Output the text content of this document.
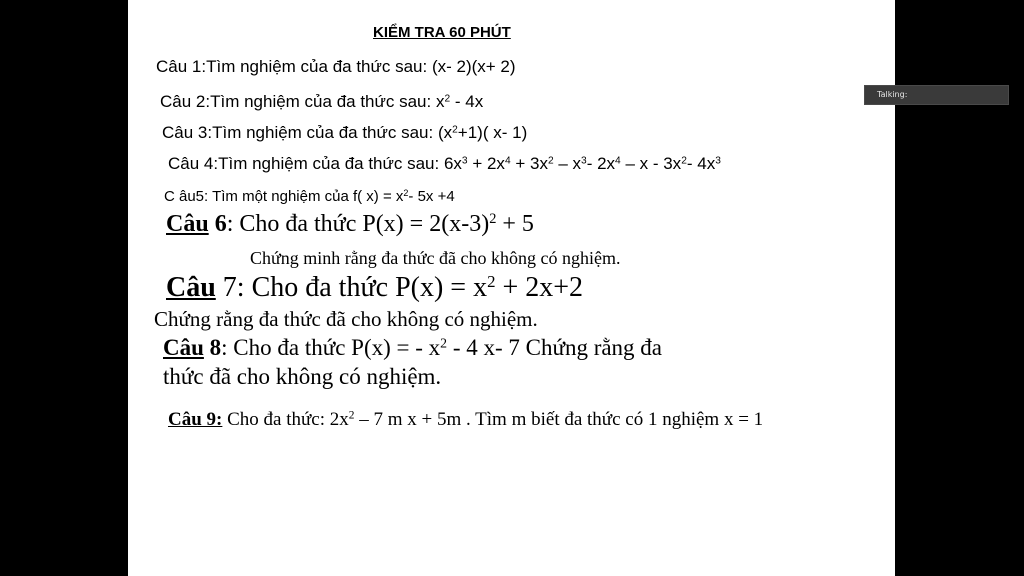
KIỂM TRA 60 PHÚT
Câu 1:Tìm nghiệm của đa thức sau: (x- 2)(x+ 2)
Câu 2:Tìm nghiệm của đa thức sau: $x^2 - 4x$
Câu 3:Tìm nghiệm của đa thức sau: $(x^2+1)$( x- 1)
Câu 4:Tìm nghiệm của đa thức sau: $6x^3 + 2x^4 + 3x^2 - x^3-$ $2x^4$ – x - $3x^2-$ $4x^3$
C âu5: Tìm một nghiệm của f( $x) = x^2-$ 5x +4
Câu 6: Cho đa thức $P(x) = 2(x-3)^2 + 5$
Chứng minh rằng đa thức đã cho không có nghiệm.
Câu 7: Cho đa thức $P(x) = x^2 + 2x+2$
Chứng rằng đa thức đã cho không có nghiệm.
Câu 8: Cho đa thức P(x) = - $x^2 - 4$ x- 7 Chứng rằng đa
thức đã cho không có nghiệm.
Câu 9: Cho đa thức: $2x^2 - 7$ m x + 5m . Tìm m biết đa thức có 1 nghiệm x = 1
Talking:
